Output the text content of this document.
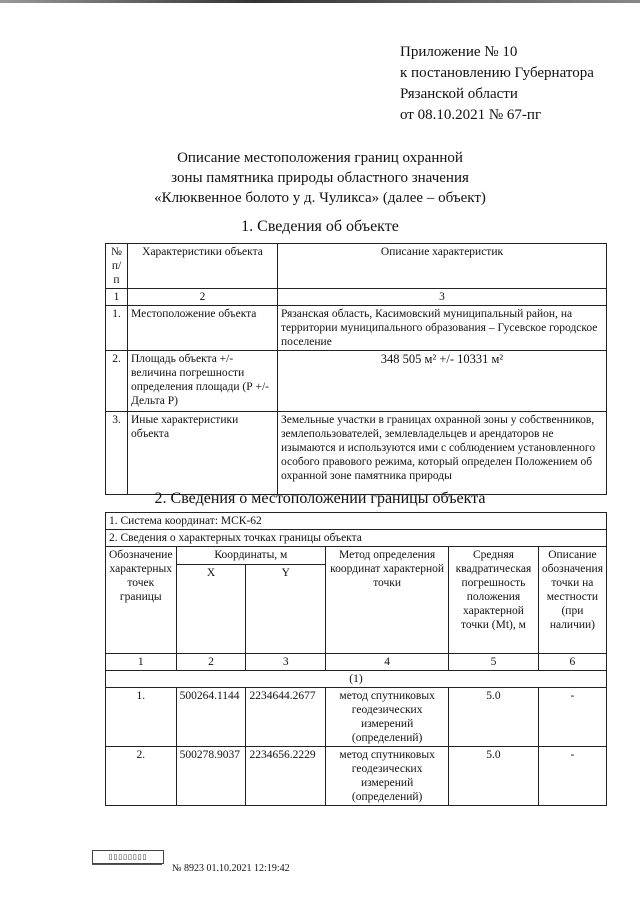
Приложение № 10
к постановлению Губернатора
Рязанской области
от 08.10.2021 № 67-пг
Описание местоположения границ охранной
зоны памятника природы областного значения
«Клюквенное болото у д. Чуликса» (далее – объект)
1. Сведения об объекте
№ п/п	Характеристики объекта	Описание характеристик
1	2	3
1.	Местоположение объекта	Рязанская область, Касимовский муниципальный район, на территории муниципального образования – Гусевское городское поселение
2.	Площадь объекта +/- величина погрешности определения площади (Р +/- Дельта Р)	348 505 м² +/- 10331 м²
3.	Иные характеристики объекта	Земельные участки в границах охранной зоны у собственников, землепользователей, землевладельцев и арендаторов не изымаются и используются ими с соблюдением установленного особого правового режима, который определен Положением об охранной зоне памятника природы
2. Сведения о местоположении границы объекта
1. Система координат: МСК-62					
2. Сведения о характерных точках границы объекта					
Обозначение характерных точек границы	Координаты, м		Метод определения координат характерной точки	Средняя квадратическая погрешность положения характерной точки (Mt), м	Описание обозначения точки на местности (при наличии)
	X	Y			
1	2	3	4	5	6
(1)					
1.	500264.1144	2234644.2677	метод спутниковых геодезических измерений (определений)	5.0	-
2.	500278.9037	2234656.2229	метод спутниковых геодезических измерений (определений)	5.0	-
▯▯▯▯▯▯▯▯
№ 8923 01.10.2021 12:19:42
